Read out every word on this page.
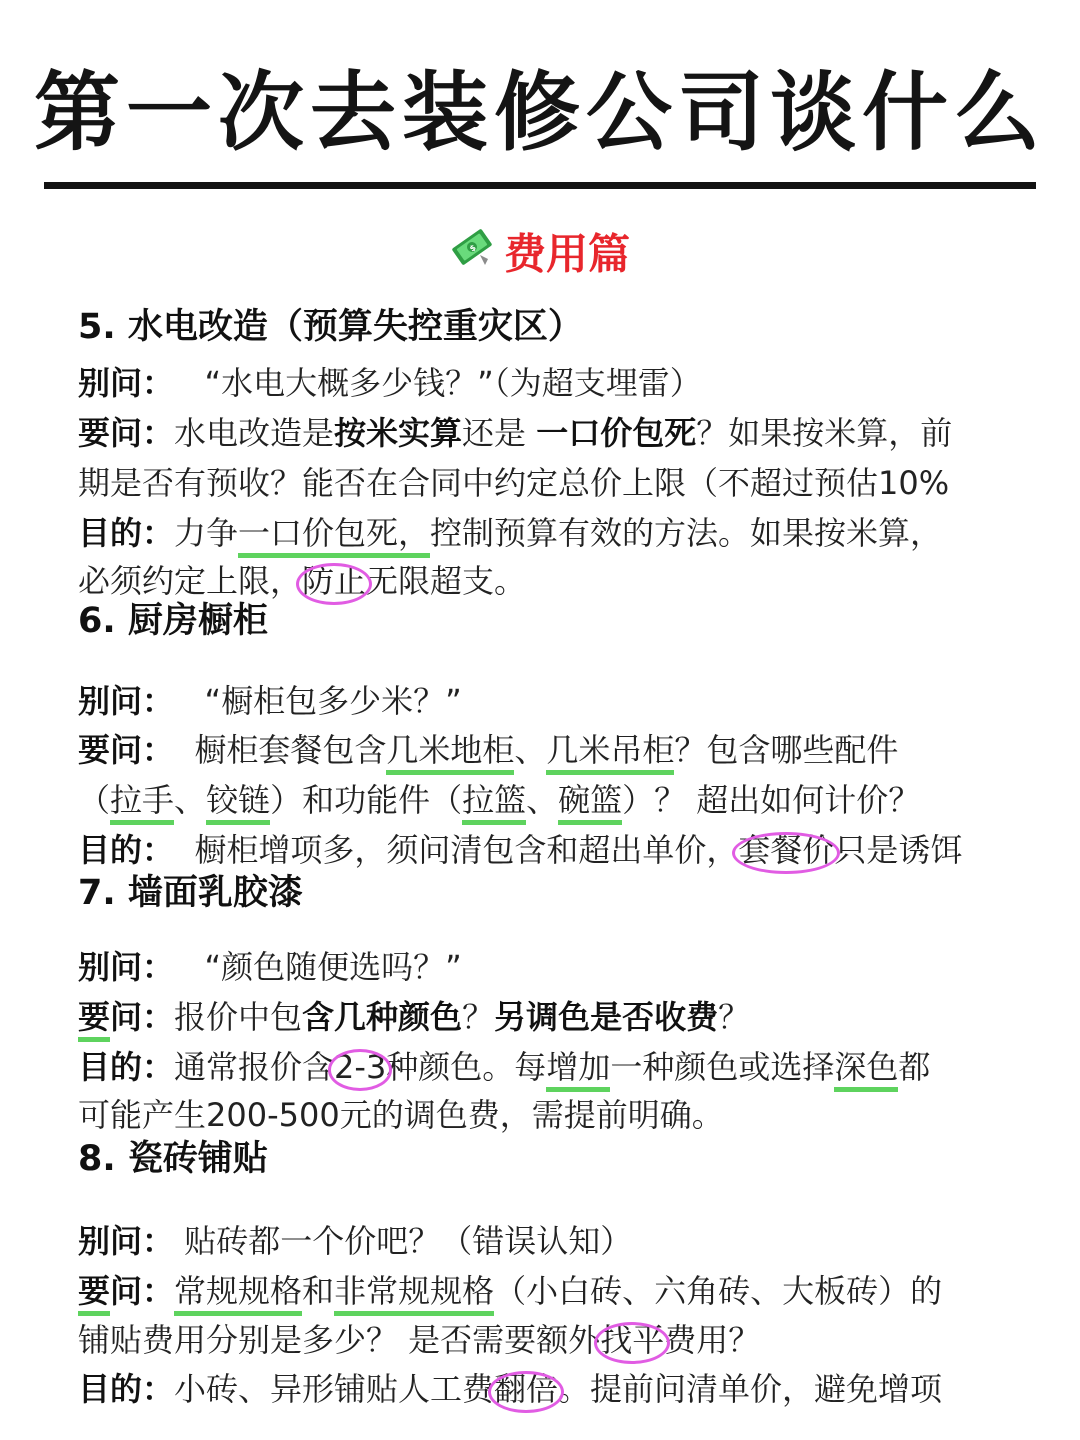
第一次去装修公司谈什么
$ 费用篇
5. 水电改造（预算失控重灾区）
别问： “水电大概多少钱？”（为超支埋雷）
要问：水电改造是按米实算还是 一口价包死？如果按米算，前
期是否有预收？能否在合同中约定总价上限（不超过预估10%
目的：力争一口价包死，控制预算有效的方法。如果按米算，
必须约定上限，防止无限超支。
6. 厨房橱柜
别问： “橱柜包多少米？”
要问： 橱柜套餐包含几米地柜、几米吊柜？包含哪些配件
（拉手、铰链）和功能件（拉篮、碗篮）？ 超出如何计价？
目的： 橱柜增项多，须问清包含和超出单价，套餐价只是诱饵
7. 墙面乳胶漆
别问： “颜色随便选吗？”
要问：报价中包含几种颜色？另调色是否收费？
目的：通常报价含2-3种颜色。每增加一种颜色或选择深色都
可能产生200-500元的调色费，需提前明确。
8. 瓷砖铺贴
别问： 贴砖都一个价吧？（错误认知）
要问：常规规格和非常规规格（小白砖、六角砖、大板砖）的
铺贴费用分别是多少？ 是否需要额外找平费用？
目的：小砖、异形铺贴人工费翻倍。提前问清单价，避免增项
